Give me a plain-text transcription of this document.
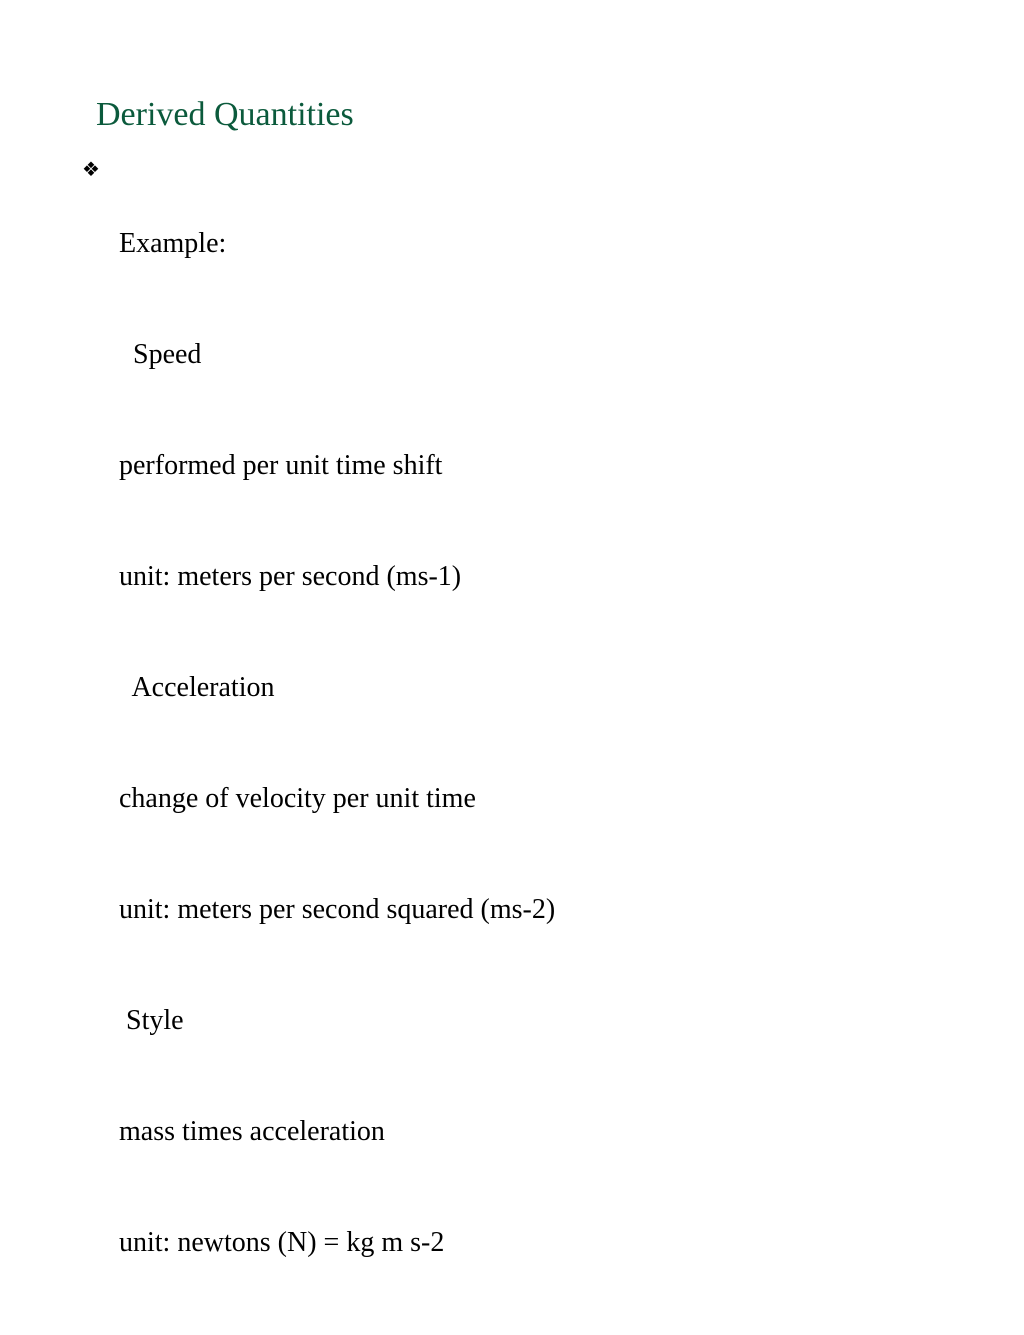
Derived Quantities
❖

Example:

Speed

performed per unit time shift

unit: meters per second (ms-1)

Acceleration

change of velocity per unit time

unit: meters per second squared (ms-2)

Style

mass times acceleration

unit: newtons (N) = kg m s-2
